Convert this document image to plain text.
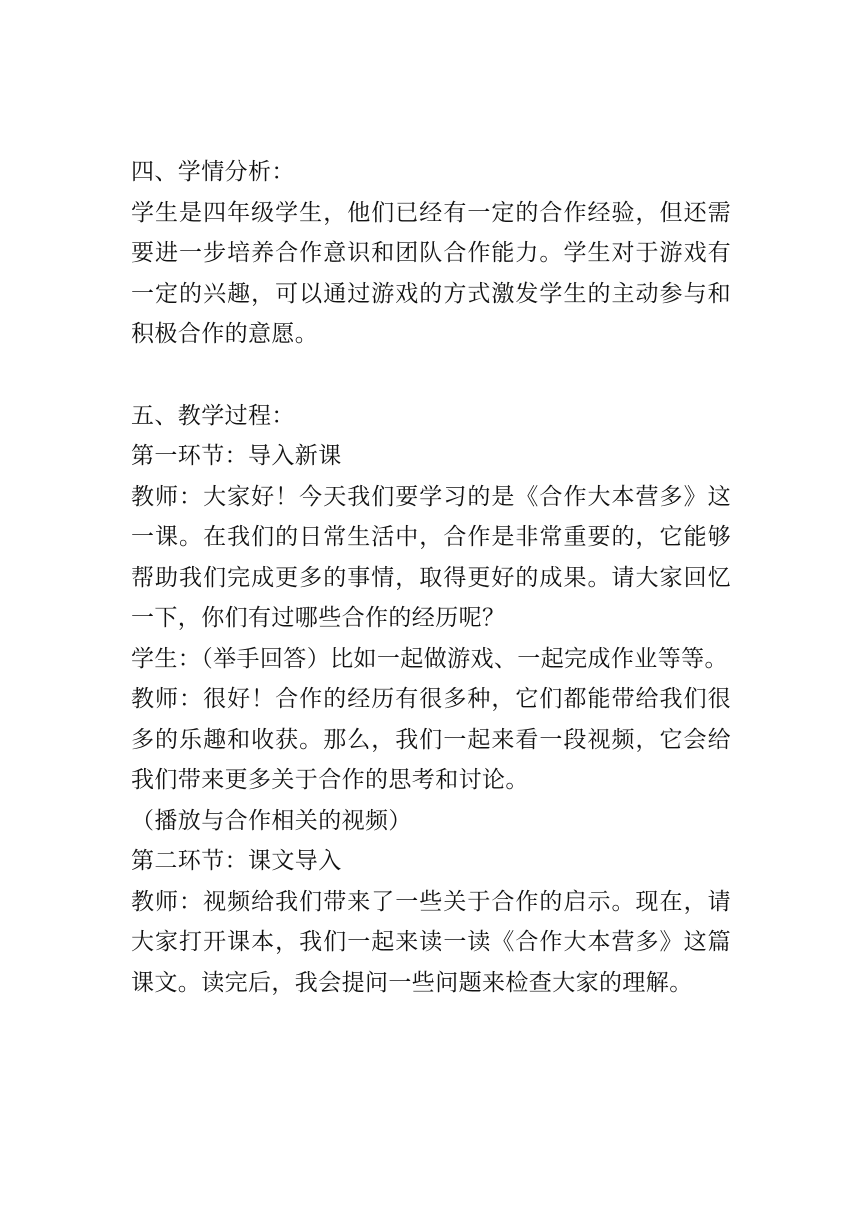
四、学情分析：

学生是四年级学生，他们已经有一定的合作经验，但还需要进一步培养合作意识和团队合作能力。学生对于游戏有一定的兴趣，可以通过游戏的方式激发学生的主动参与和积极合作的意愿。

五、教学过程：

第一环节：导入新课

教师：大家好！今天我们要学习的是《合作大本营多》这一课。在我们的日常生活中，合作是非常重要的，它能够帮助我们完成更多的事情，取得更好的成果。请大家回忆一下，你们有过哪些合作的经历呢？

学生：（举手回答）比如一起做游戏、一起完成作业等等。

教师：很好！合作的经历有很多种，它们都能带给我们很多的乐趣和收获。那么，我们一起来看一段视频，它会给我们带来更多关于合作的思考和讨论。

（播放与合作相关的视频）

第二环节：课文导入

教师：视频给我们带来了一些关于合作的启示。现在，请大家打开课本，我们一起来读一读《合作大本营多》这篇课文。读完后，我会提问一些问题来检查大家的理解。
